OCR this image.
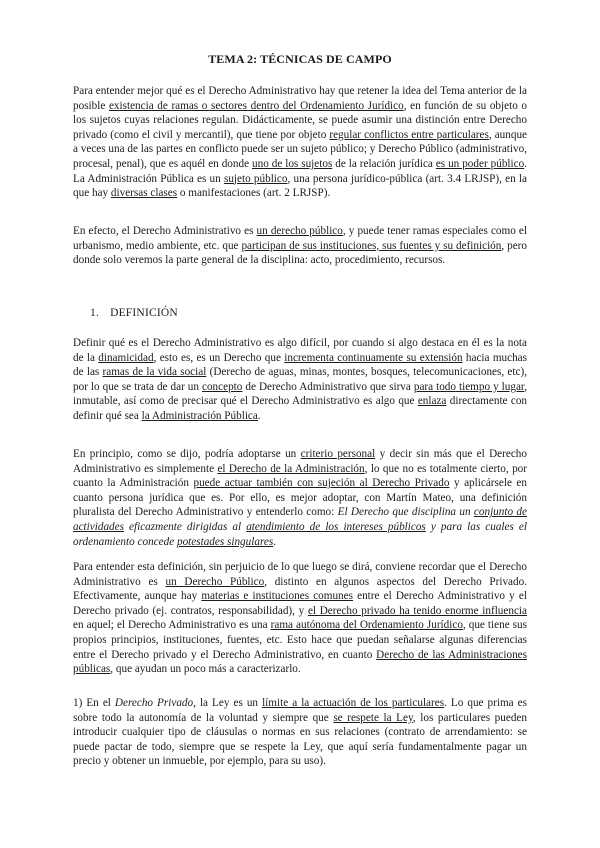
TEMA 2: TÉCNICAS DE CAMPO
Para entender mejor qué es el Derecho Administrativo hay que retener la idea del Tema anterior de la posible existencia de ramas o sectores dentro del Ordenamiento Jurídico, en función de su objeto o los sujetos cuyas relaciones regulan. Didácticamente, se puede asumir una distinción entre Derecho privado (como el civil y mercantil), que tiene por objeto regular conflictos entre particulares, aunque a veces una de las partes en conflicto puede ser un sujeto público; y Derecho Público (administrativo, procesal, penal), que es aquél en donde uno de los sujetos de la relación jurídica es un poder público. La Administración Pública es un sujeto público, una persona jurídico-pública (art. 3.4 LRJSP), en la que hay diversas clases o manifestaciones (art. 2 LRJSP).
En efecto, el Derecho Administrativo es un derecho público, y puede tener ramas especiales como el urbanismo, medio ambiente, etc. que participan de sus instituciones, sus fuentes y su definición, pero donde solo veremos la parte general de la disciplina: acto, procedimiento, recursos.
1. DEFINICIÓN
Definir qué es el Derecho Administrativo es algo difícil, por cuando si algo destaca en él es la nota de la dinamicidad, esto es, es un Derecho que incrementa continuamente su extensión hacia muchas de las ramas de la vida social (Derecho de aguas, minas, montes, bosques, telecomunicaciones, etc), por lo que se trata de dar un concepto de Derecho Administrativo que sirva para todo tiempo y lugar, inmutable, así como de precisar qué el Derecho Administrativo es algo que enlaza directamente con definir qué sea la Administración Pública.
En principio, como se dijo, podría adoptarse un criterio personal y decir sin más que el Derecho Administrativo es simplemente el Derecho de la Administración, lo que no es totalmente cierto, por cuanto la Administración puede actuar también con sujeción al Derecho Privado y aplicársele en cuanto persona jurídica que es. Por ello, es mejor adoptar, con Martín Mateo, una definición pluralista del Derecho Administrativo y entenderlo como: El Derecho que disciplina un conjunto de actividades eficazmente dirigidas al atendimiento de los intereses públicos y para las cuales el ordenamiento concede potestades singulares.
Para entender esta definición, sin perjuicio de lo que luego se dirá, conviene recordar que el Derecho Administrativo es un Derecho Público, distinto en algunos aspectos del Derecho Privado. Efectivamente, aunque hay materias e instituciones comunes entre el Derecho Administrativo y el Derecho privado (ej. contratos, responsabilidad), y el Derecho privado ha tenido enorme influencia en aquel; el Derecho Administrativo es una rama autónoma del Ordenamiento Jurídico, que tiene sus propios principios, instituciones, fuentes, etc. Esto hace que puedan señalarse algunas diferencias entre el Derecho privado y el Derecho Administrativo, en cuanto Derecho de las Administraciones públicas, que ayudan un poco más a caracterizarlo.
1) En el Derecho Privado, la Ley es un límite a la actuación de los particulares. Lo que prima es sobre todo la autonomía de la voluntad y siempre que se respete la Ley, los particulares pueden introducir cualquier tipo de cláusulas o normas en sus relaciones (contrato de arrendamiento: se puede pactar de todo, siempre que se respete la Ley, que aquí sería fundamentalmente pagar un precio y obtener un inmueble, por ejemplo, para su uso).
